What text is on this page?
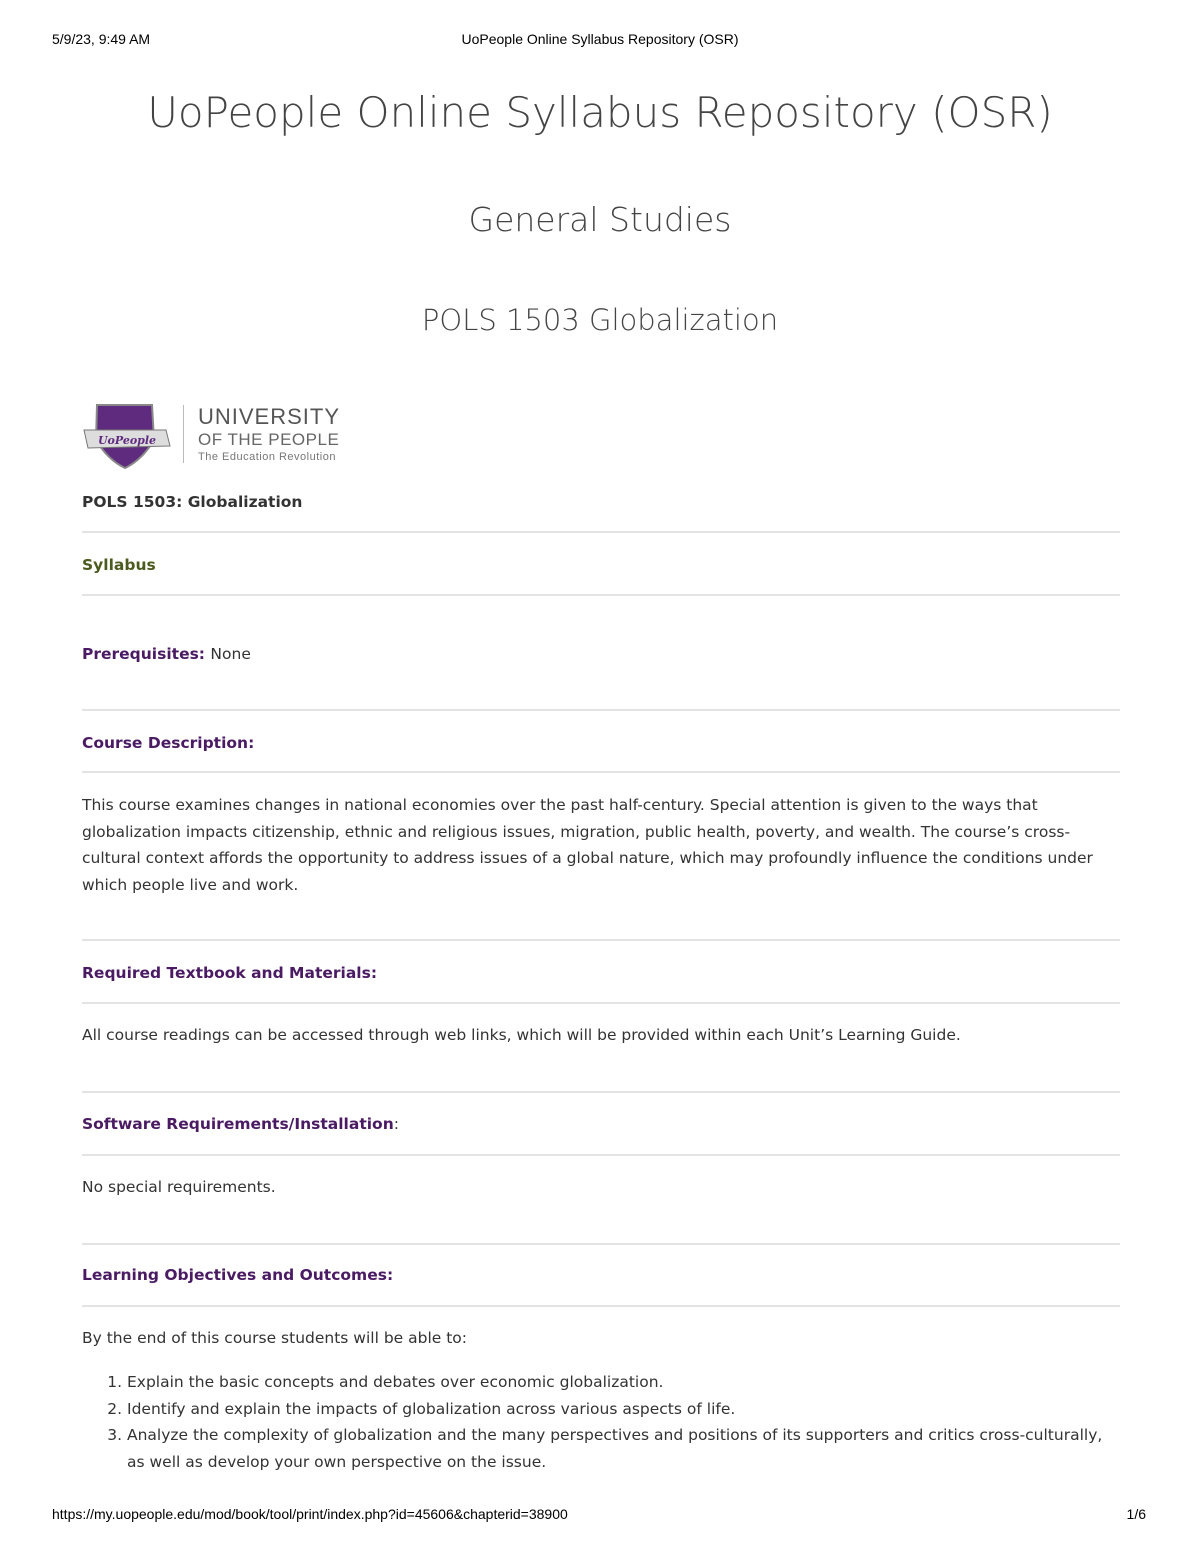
5/9/23, 9:49 AM	UoPeople Online Syllabus Repository (OSR)
UoPeople Online Syllabus Repository (OSR)
General Studies
POLS 1503 Globalization
UoPeople
UNIVERSITY
OF THE PEOPLE
The Education Revolution
POLS 1503: Globalization
Syllabus
Prerequisites: None
Course Description:
This course examines changes in national economies over the past half-century. Special attention is given to the ways that globalization impacts citizenship, ethnic and religious issues, migration, public health, poverty, and wealth. The course’s cross-cultural context affords the opportunity to address issues of a global nature, which may profoundly influence the conditions under which people live and work.
Required Textbook and Materials:
All course readings can be accessed through web links, which will be provided within each Unit’s Learning Guide.
Software Requirements/Installation:
No special requirements.
Learning Objectives and Outcomes:
By the end of this course students will be able to:
1. Explain the basic concepts and debates over economic globalization.
2. Identify and explain the impacts of globalization across various aspects of life.
3. Analyze the complexity of globalization and the many perspectives and positions of its supporters and critics cross-culturally, as well as develop your own perspective on the issue.
https://my.uopeople.edu/mod/book/tool/print/index.php?id=45606&chapterid=38900	1/6
